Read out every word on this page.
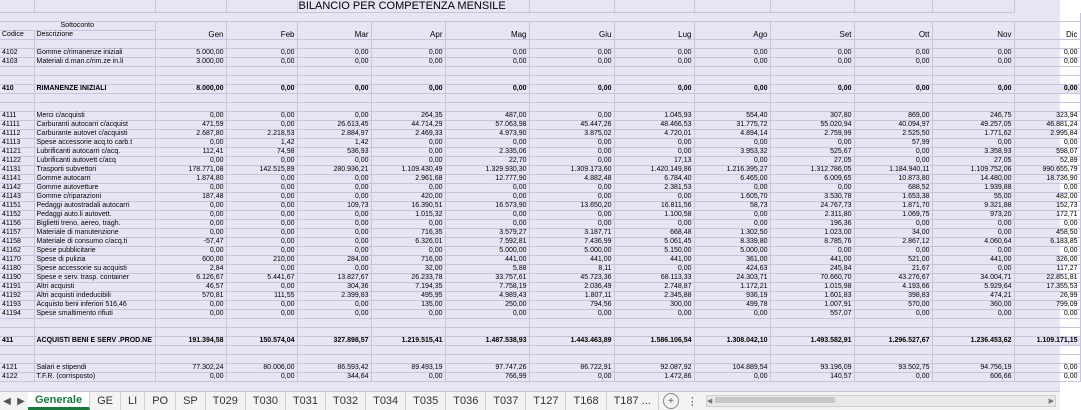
				BILANCIO PER COMPETENZA MENSILE									

Sottoconto		Gen	Feb	Mar	Apr	Mag	Giu	Lug	Ago	Set	Ott	Nov	Dic
Codice	Descrizione												

4102	Gomme c/rimanenze iniziali	5.000,00	0,00	0,00	0,00	0,00	0,00	0,00	0,00	0,00	0,00	0,00	0,00
4103	Materiali d.man.c/rim.ze in.li	3.000,00	0,00	0,00	0,00	0,00	0,00	0,00	0,00	0,00	0,00	0,00	0,00

410	RIMANENZE INIZIALI	8.000,00	0,00	0,00	0,00	0,00	0,00	0,00	0,00	0,00	0,00	0,00	0,00

4111	Merci c/acquisti	0,00	0,00	0,00	264,35	487,00	0,00	1.045,93	554,40	307,80	869,00	246,75	323,94
41111	Carburanti autocarri c/acquist	471,59	0,00	26.613,45	44.714,29	57.063,98	45.447,26	48.466,53	31.775,72	55.020,94	40.094,97	49.257,05	46.881,24
41112	Carburante autovet c/acquisti	2.687,80	2.218,53	2.884,97	2.469,33	4.973,90	3.875,02	4.720,01	4.894,14	2.759,99	2.525,50	1.771,62	2.995,84
41113	Spese accessorie acq.to carb.t	0,00	1,42	1,42	0,00	0,00	0,00	0,00	0,00	0,00	57,99	0,00	0,00
41121	Lubrificanti autocarri c/acq.	112,41	74,98	536,93	0,00	2.335,06	0,00	0,00	3.953,32	525,67	0,00	3.358,93	598,07
41122	Lubrificanti autovett c/acq	0,00	0,00	0,00	0,00	22,70	0,00	17,13	0,00	27,05	0,00	27,05	52,89
41131	Trasporti subvettori	178.771,08	142.515,89	280.936,21	1.109.430,49	1.329.930,30	1.309.173,60	1.420.149,86	1.216.395,27	1.312.786,05	1.184.940,11	1.109.752,06	990.655,79
41141	Gomme autocarri	1.874,80	0,00	0,00	2.961,68	12.777,90	4.882,48	6.784,40	6.465,00	6.009,65	10.873,80	14.480,00	18.736,90
41142	Gomme autovetture	0,00	0,00	0,00	0,00	0,00	0,00	2.381,53	0,00	0,00	688,52	1.939,88	0,00
41143	Gomme c/riparazioni	187,48	0,00	0,00	420,00	0,00	0,00	0,00	1.605,70	3.530,78	1.653,38	55,00	482,00
41151	Pedaggi autostradali autocarri	0,00	0,00	109,73	16.390,51	16.573,90	13.650,20	16.811,56	58,73	24.767,73	1.871,70	9.321,88	152,73
41152	Pedaggi auto.li autovett.	0,00	0,00	0,00	1.015,32	0,00	0,00	1.100,58	0,00	2.311,80	1.069,75	973,20	172,71
41156	Biglietti treno, aereo, tragh.	0,00	0,00	0,00	0,00	0,00	0,00	0,00	0,00	196,36	0,00	0,00	0,00
41157	Materiale di manutenzione	0,00	0,00	0,00	716,35	3.579,27	3.187,71	668,48	1.302,50	1.023,00	34,00	0,00	458,50
41158	Materiale di consumo c/acq.ti	-57,47	0,00	0,00	6.326,01	7.592,81	7.436,99	5.061,45	8.339,80	8.785,76	2.867,12	4.060,64	6.183,85
41162	Spese pubblicitarie	0,00	0,00	0,00	0,00	5.000,00	5.000,00	5.150,00	5.000,00	0,00	0,00	0,00	0,00
41170	Spese di pulizia	600,00	210,00	284,00	716,00	441,00	441,00	441,00	361,00	441,00	521,00	441,00	326,00
41180	Spese accessorie su acquisti	2,84	0,00	0,00	32,00	5,88	8,11	0,00	424,63	245,84	21,67	0,00	117,27
41190	Spese e serv. trasp. container	6.126,67	5.441,67	13.827,67	26.233,78	33.757,61	45.723,36	68.113,33	24.303,71	70.660,70	43.276,67	34.004,71	22.851,81
41191	Altri acquisti	46,57	0,00	304,36	7.194,35	7.758,19	2.036,49	2.748,87	1.172,21	1.015,98	4.193,66	5.929,64	17.355,53
41192	Altri acquisti indeducibili	570,81	111,55	2.399,83	495,95	4.989,43	1.807,11	2.345,88	936,19	1.601,83	398,83	474,21	26,99
41193	Acquisto beni inferiori 516,46	0,00	0,00	0,00	135,00	250,00	794,56	300,00	499,78	1.007,91	570,00	360,00	799,09
41194	Spese smaltimento rifiuti	0,00	0,00	0,00	0,00	0,00	0,00	0,00	0,00	557,07	0,00	0,00	0,00

411	ACQUISTI BENI E SERV .PROD.NE	191.394,58	150.574,04	327.898,57	1.219.515,41	1.487.538,93	1.443.463,89	1.586.106,54	1.308.042,10	1.493.582,91	1.296.527,67	1.236.453,62	1.109.171,15

4121	Salari e stipendi	77.302,24	80.006,00	86.593,42	89.493,19	97.747,26	86.722,91	92.087,92	104.889,54	93.196,09	93.502,75	94.756,19	0,00
4122	T.F.R. (corrisposto)	0,00	0,00	344,64	0,00	766,99	0,00	1.472,86	0,00	140,57	0,00	606,66	0,00
◀ ▶ Generale	GE	LI	PO	SP	T029	T030	T031	T032	T034	T035	T036	T037	T127	T168	T187 ...	+	⋮	◀	▶
